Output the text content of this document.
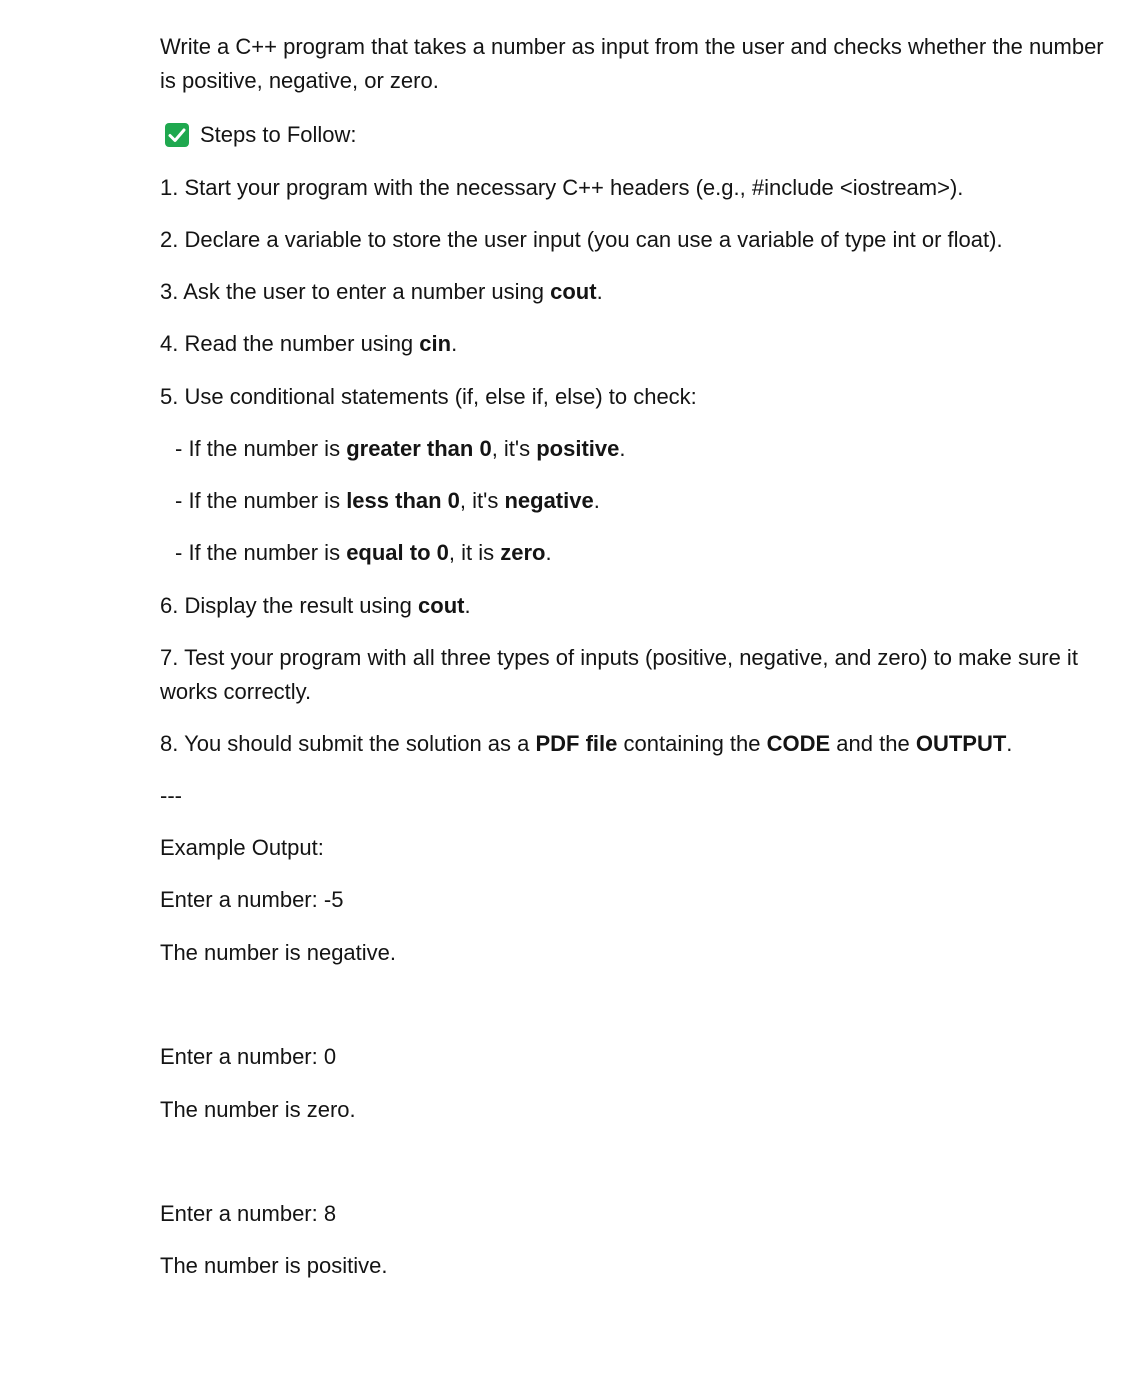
Write a C++ program that takes a number as input from the user and checks whether the number is positive, negative, or zero.
Steps to Follow:
1. Start your program with the necessary C++ headers (e.g., #include <iostream>).
2. Declare a variable to store the user input (you can use a variable of type int or float).
3. Ask the user to enter a number using cout.
4. Read the number using cin.
5. Use conditional statements (if, else if, else) to check:
- If the number is greater than 0, it's positive.
- If the number is less than 0, it's negative.
- If the number is equal to 0, it is zero.
6. Display the result using cout.
7. Test your program with all three types of inputs (positive, negative, and zero) to make sure it works correctly.
8. You should submit the solution as a PDF file containing the CODE and the OUTPUT.
---
Example Output:
Enter a number: -5
The number is negative.
Enter a number: 0
The number is zero.
Enter a number: 8
The number is positive.
